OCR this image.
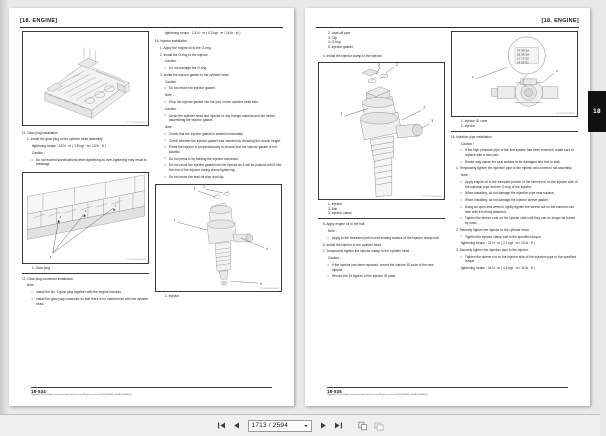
[18. ENGINE]
9Y1210994240001
11. Glow plug installation
1. Install the glow plug to the cylinder head assembly.
tightening torque : 18 N · m ( 1.8 kgf · m / 13 lb · ft )
Caution :
• Do not exceed specifications when tightening as over-tightening may result in breakage.
1
1
1
1
9Y1210994240002
1. Glow plug
12. Glow plug connector installation
Note :
• Install the No. 3 glow plug together with the engine harness.
• Install the glow plug connector so that there is no interference with the cylinder head.
tightening torque : 1.8 N · m ( 0.2 kgf · m / 16 lb · in )
15. Injector installation
1. Apply the engine oil to the O-ring.
2. Install the O-ring to the injector.
Caution :
• Do not damage the O-ring.
3. Install the injector gasket to the cylinder head.
Caution :
• Do not reuse the injector gasket.
Note :
• Drop the injector gasket into the port on the cylinder head side.
Caution :
• Clean the cylinder head and injector of any foreign material and dirt before assembling the injector gasket.
Note :
• Check that the injector gasket is seated horizontally.
• Check whether the injector gasket was inserted by checking the nozzle height.
• Press the injector in perpendicularly to ensure that the injector gasket is not slanted.
• Do not press in by holding the injector connector.
• Do not reuse the injector gasket into the injector as it will be pushed until it hits the end of the injector during clamp tightening.
• Do not reuse the leak-off pipe and clip.
1
4
5
3	2
9Y1210994240003
1. Injector
18-534
Copyright©2016 Kubota Construction Machinery Co.,Ltd. All rights reserved. (WIIYN09BSD) [001EGCoHSN10]
[18. ENGINE]
2. Leak-off pipe
3. Clip
4. O-ring
5. Injector gasket
4. Install the injector clamp to the injector.
1
2
3
3	2
9Y1210994240004
1. Injector
2. Bolt
3. Injector clamp
5. Apply engine oil to the bolt.
Note :
• Apply to the threaded portion and seating surface of the injector clamp bolt.
6. Install the injector to the cylinder head.
7. Temporarily tighten the injector clamp to the cylinder head.
Caution :
• If the injector has been replaced, record the injector ID code of the new injector.
• Record the 24 figures of the injector ID plate.
1F 30 5A
25 3A 2A
17 17 02
14 00 52
1
2
9Y1210994240005
1. Injector ID code
2. Injector
16. Injection pipe installation
Caution :
• If the high pressure pipe of the fuel system has been removed, make sure to replace with a new part.
• Reuse may cause the seal surface to be damaged and fuel to leak.
1. Temporarily tighten the injection pipe to the injector and common rail assembly.
Note :
• Apply engine oil to the threaded portion of the sleeve nut on the injector side of the injection pipe and the O-ring of the injector.
• When installing, do not damage the injection pipe seal surface.
• When installing, do not damage the injector sleeve gasket.
• Using an open-end wrench, lightly tighten the sleeve nut on the common rail side until it is firmly attached.
• Tighten the sleeve nuts on the injector side until they can no longer be turned by hand.
2. Securely tighten the injector to the cylinder head.
• Tighten the injector clamp bolt to the specified torque.
tightening torque : 21 N · m ( 2.1 kgf · m / 16 lb · ft )
3. Securely tighten the injection pipe to the injector.
• Tighten the sleeve nut on the injector side of the injection pipe to the specified torque.
tightening torque : 44 N · m ( 4.5 kgf · m / 32 lb · ft )
18
18-535
Copyright©2016 Kubota Construction Machinery Co.,Ltd. All rights reserved. (WIIYN09BSD) [001EGCoHSN10]
1713 / 2594
